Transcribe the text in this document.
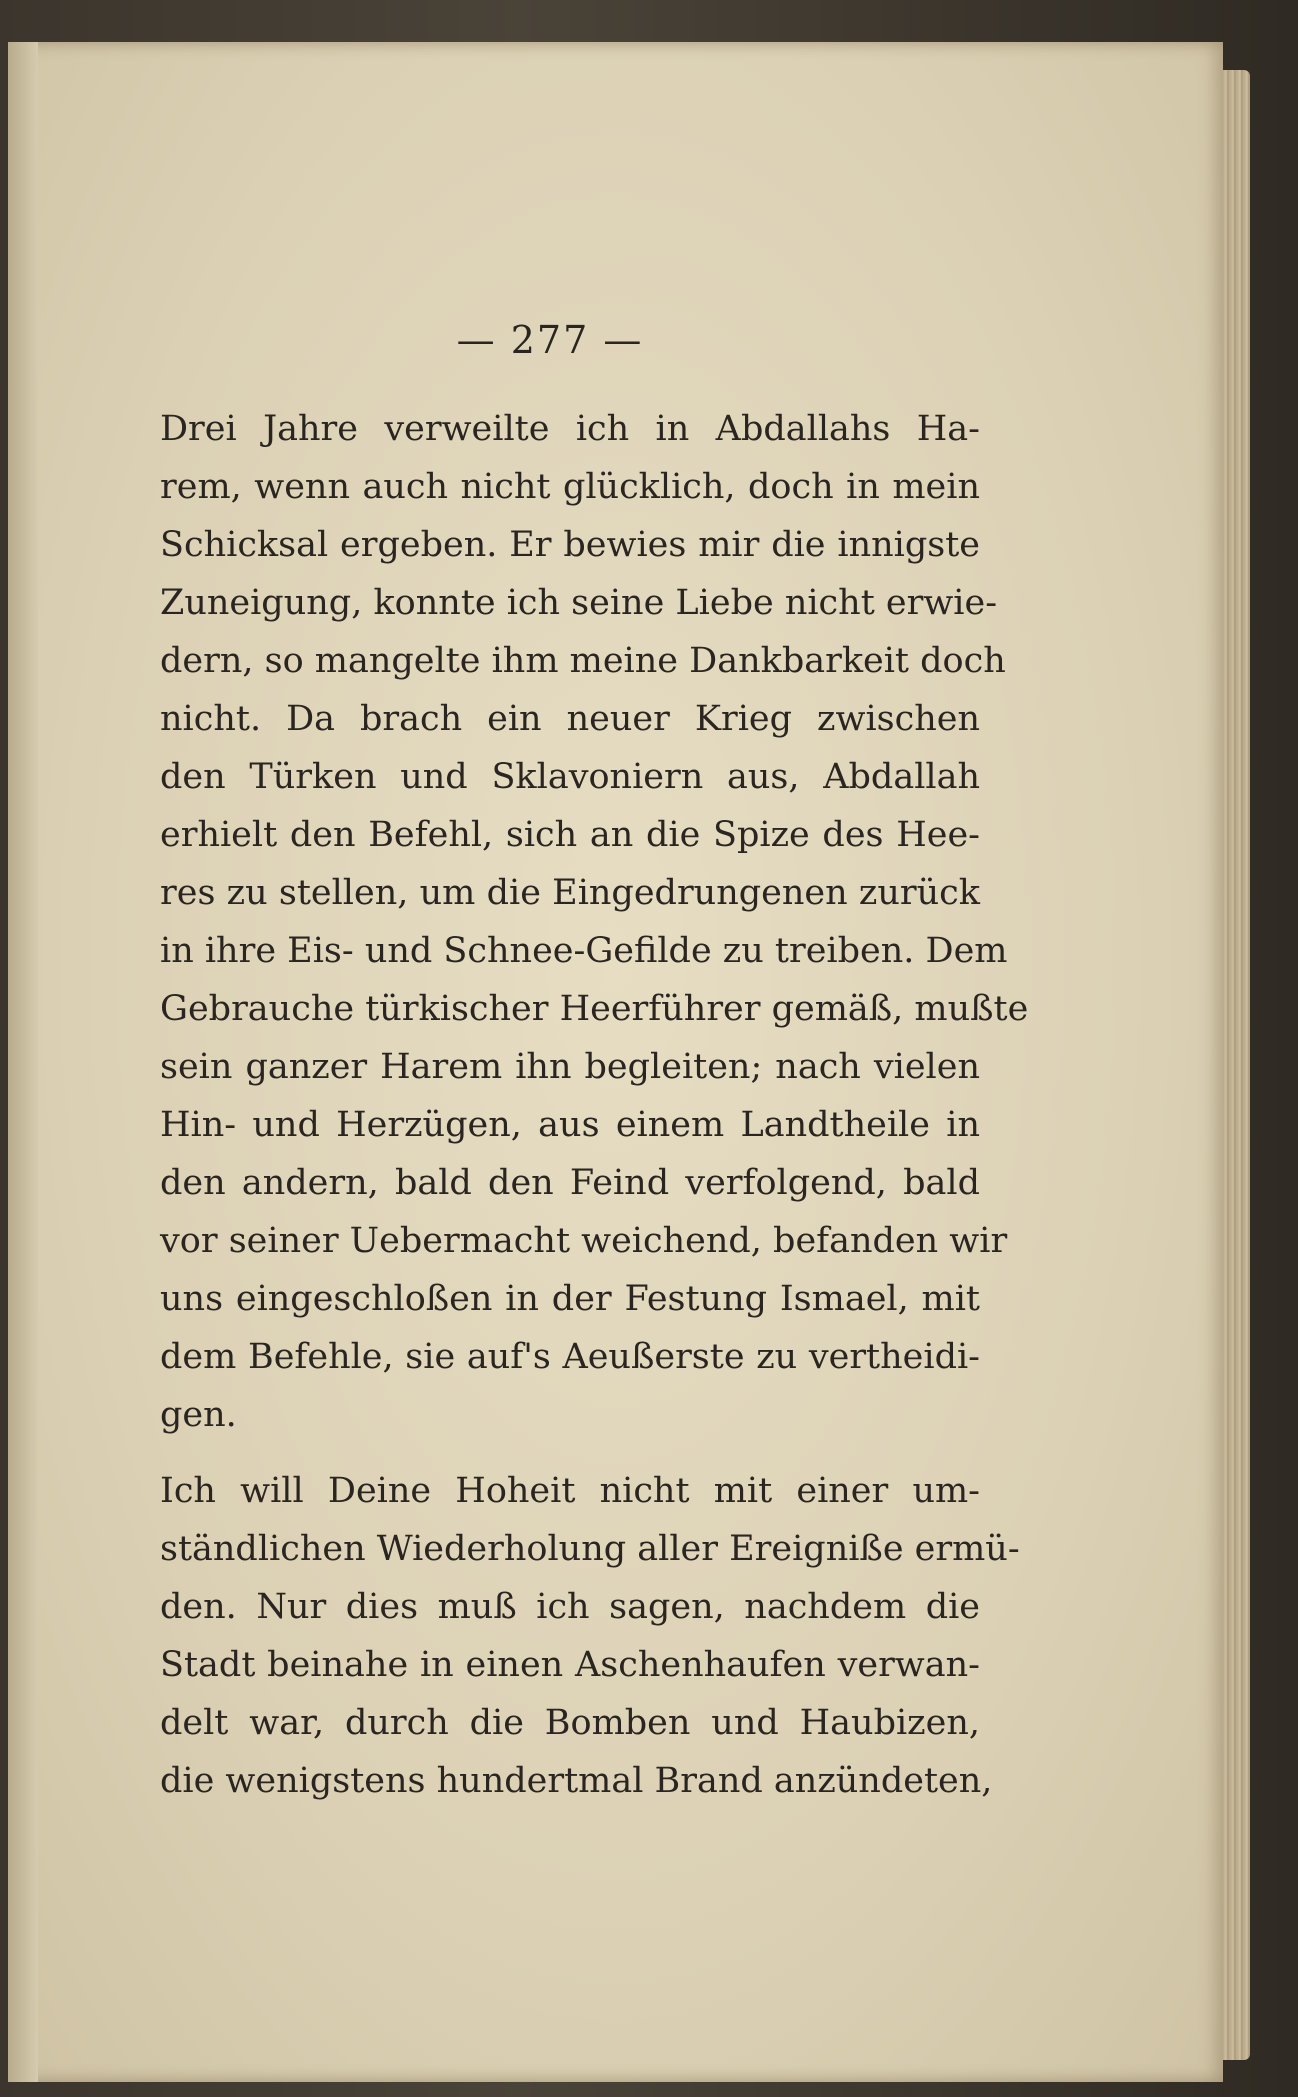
— 277 —
Drei Jahre verweilte ich in Abdallahs Ha-
rem, wenn auch nicht glücklich, doch in mein
Schicksal ergeben. Er bewies mir die innigste
Zuneigung, konnte ich seine Liebe nicht erwie-
dern, so mangelte ihm meine Dankbarkeit doch
nicht. Da brach ein neuer Krieg zwischen
den Türken und Sklavoniern aus, Abdallah
erhielt den Befehl, sich an die Spize des Hee-
res zu stellen, um die Eingedrungenen zurück
in ihre Eis- und Schnee-Gefilde zu treiben. Dem
Gebrauche türkischer Heerführer gemäß, mußte
sein ganzer Harem ihn begleiten; nach vielen
Hin- und Herzügen, aus einem Landtheile in
den andern, bald den Feind verfolgend, bald
vor seiner Uebermacht weichend, befanden wir
uns eingeschloßen in der Festung Ismael, mit
dem Befehle, sie auf's Aeußerste zu vertheidi-
gen.
Ich will Deine Hoheit nicht mit einer um-
ständlichen Wiederholung aller Ereigniße ermü-
den. Nur dies muß ich sagen, nachdem die
Stadt beinahe in einen Aschenhaufen verwan-
delt war, durch die Bomben und Haubizen,
die wenigstens hundertmal Brand anzündeten,
